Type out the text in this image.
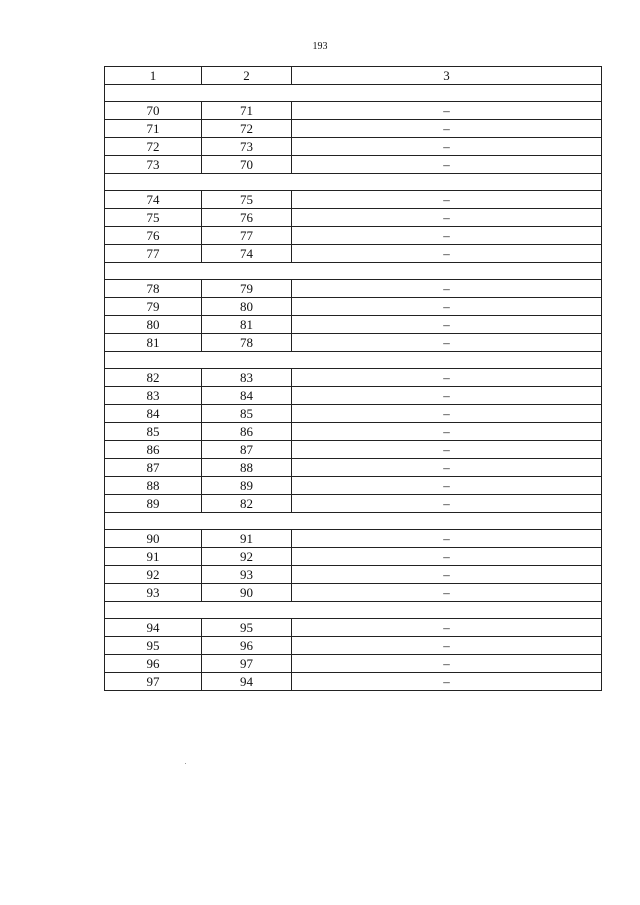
193
1	2	3

70	71	–
71	72	–
72	73	–
73	70	–

74	75	–
75	76	–
76	77	–
77	74	–

78	79	–
79	80	–
80	81	–
81	78	–

82	83	–
83	84	–
84	85	–
85	86	–
86	87	–
87	88	–
88	89	–
89	82	–

90	91	–
91	92	–
92	93	–
93	90	–

94	95	–
95	96	–
96	97	–
97	94	–
